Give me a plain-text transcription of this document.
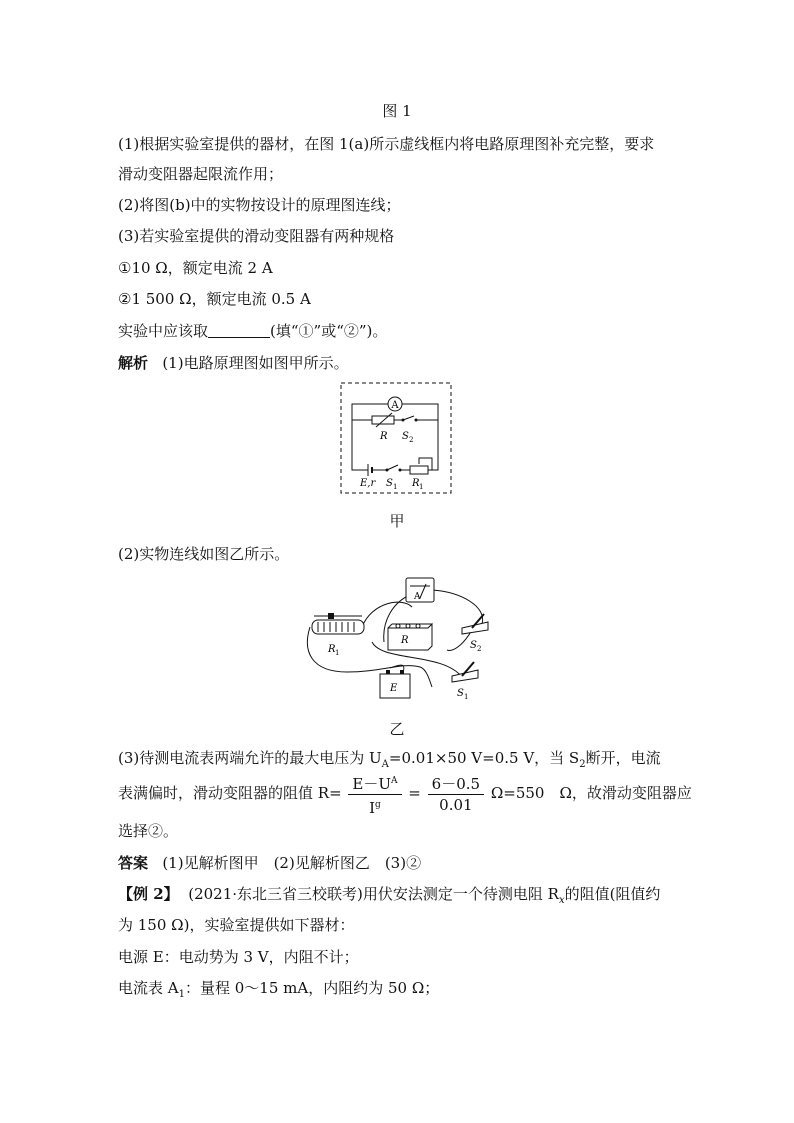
图 1
(1)根据实验室提供的器材，在图 1(a)所示虚线框内将电路原理图补充完整，要求
滑动变阻器起限流作用；
(2)将图(b)中的实物按设计的原理图连线；
(3)若实验室提供的滑动变阻器有两种规格
①10 Ω，额定电流 2 A
②1 500 Ω，额定电流 0.5 A
实验中应该取	(填“①”或“②”)。
解析 (1)电路原理图如图甲所示。
A
R S 2
E,r S 1 R 1
甲
(2)实物连线如图乙所示。
A
R
R 1
S 2
S 1
E
乙
(3)待测电流表两端允许的最大电压为 $U_A=0.01\times 50$ V=0.5 V，当 $S_2$断开，电流
表满偏时，滑动变阻器的阻值 $R= \frac{E-U^A}{I^g} = \frac{6-0.5}{0.01} \Omega=550$　Ω，故滑动变阻器应
选择②。
答案 (1)见解析图甲　(2)见解析图乙　(3)②
【例 2】 (2021·东北三省三校联考)用伏安法测定一个待测电阻 $R_x$的阻值(阻值约
为 150 Ω)，实验室提供如下器材：
电源 E：电动势为 3 V，内阻不计；
电流表 $A_1$：量程 0～15 mA，内阻约为 50 Ω；
